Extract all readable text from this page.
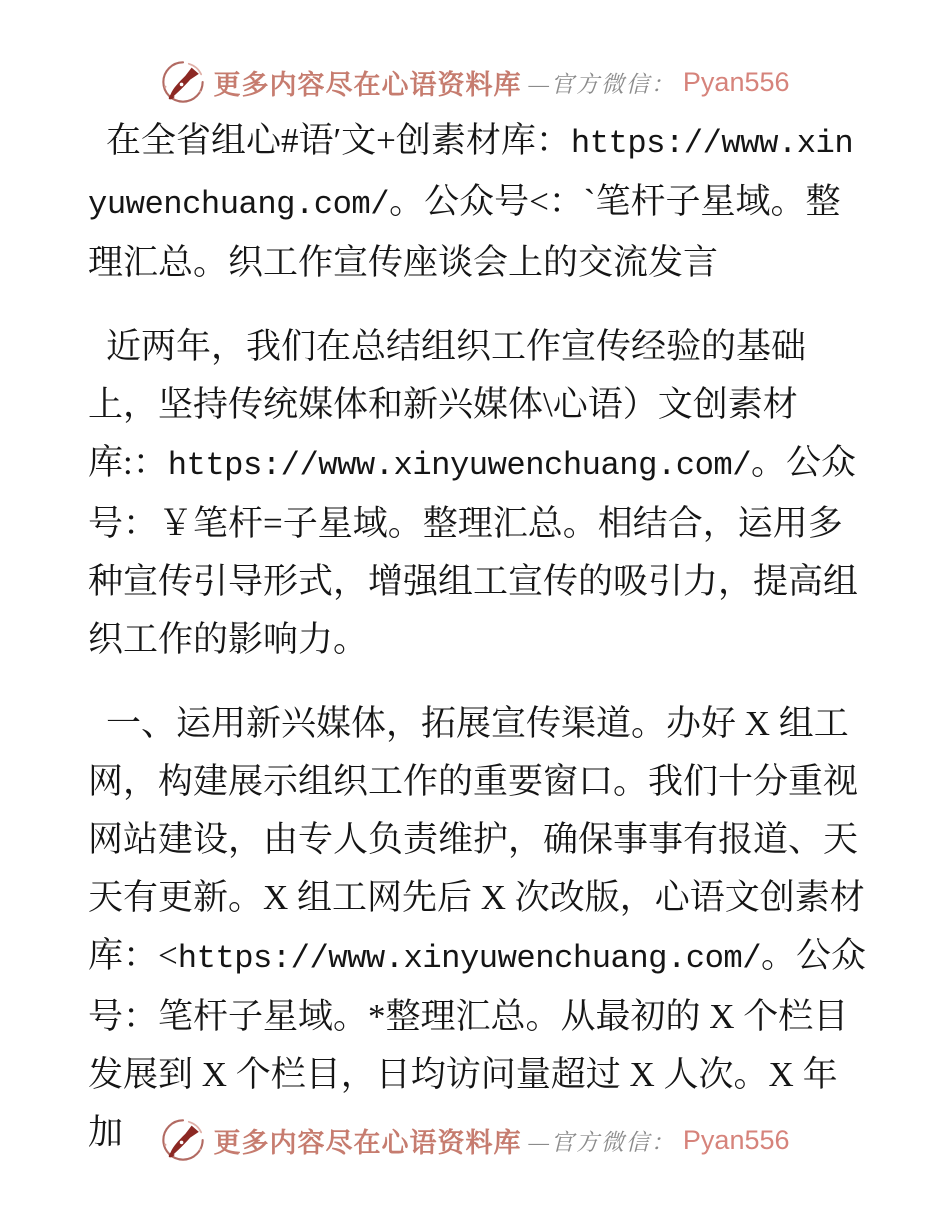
更多内容尽在心语资料库 —官方微信： Pyan556

在全省组心#语′文+创素材库：https://www.xinyuwenchuang.com/。公众号<：`笔杆子星域。整理汇总。织工作宣传座谈会上的交流发言

近两年，我们在总结组织工作宣传经验的基础上，坚持传统媒体和新兴媒体\心语）文创素材库:：https://www.xinyuwenchuang.com/。公众号：￥笔杆=子星域。整理汇总。相结合，运用多种宣传引导形式，增强组工宣传的吸引力，提高组织工作的影响力。

一、运用新兴媒体，拓展宣传渠道。办好 X 组工网，构建展示组织工作的重要窗口。我们十分重视网站建设，由专人负责维护，确保事事有报道、天天有更新。X 组工网先后 X 次改版，心语文创素材库：<https://www.xinyuwenchuang.com/。公众号：笔杆子星域。*整理汇总。从最初的 X 个栏目发展到 X 个栏目，日均访问量超过 X 人次。X 年加	更多内容尽在心语资料库 —官方微信： Pyan556
